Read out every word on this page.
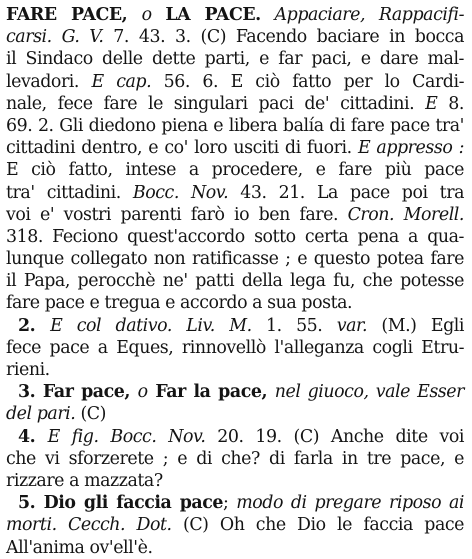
FARE PACE, o LA PACE. Appaciare, Rappacifi-
carsi. G. V. 7. 43. 3. (C) Facendo baciare in bocca
il Sindaco delle dette parti, e far paci, e dare mal-
levadori. E cap. 56. 6. E ciò fatto per lo Cardi-
nale, fece fare le singulari paci de' cittadini. E 8.
69. 2. Gli diedono piena e libera balía di fare pace tra'
cittadini dentro, e co' loro usciti di fuori. E appresso :
E ciò fatto, intese a procedere, e fare più pace
tra' cittadini. Bocc. Nov. 43. 21. La pace poi tra
voi e' vostri parenti farò io ben fare. Cron. Morell.
318. Feciono quest'accordo sotto certa pena a qua-
lunque collegato non ratificasse ; e questo potea fare
il Papa, perocchè ne' patti della lega fu, che potesse
fare pace e tregua e accordo a sua posta.
2. E col dativo. Liv. M. 1. 55. var. (M.) Egli
fece pace a Eques, rinnovellò l'alleganza cogli Etru-
rieni.
3. Far pace, o Far la pace, nel giuoco, vale Esser
del pari. (C)
4. E fig. Bocc. Nov. 20. 19. (C) Anche dite voi
che vi sforzerete ; e di che? di farla in tre pace, e
rizzare a mazzata?
5. Dio gli faccia pace; modo di pregare riposo ai
morti. Cecch. Dot. (C) Oh che Dio le faccia pace
All'anima ov'ell'è.
